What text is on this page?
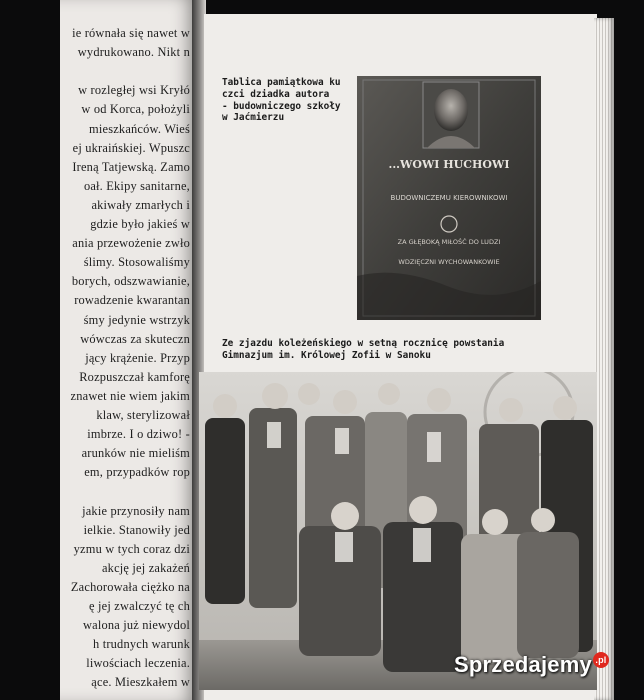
ie równała się nawet w
wydrukowano. Nikt n
w rozległej wsi Kryłó
w od Korca, położyli
mieszkańców. Wieś
ej ukraińskiej. Wpuszc
Ireną Tatjewską. Zamo
oał. Ekipy sanitarne,
akiwały zmarłych i
gdzie było jakieś w
ania przewożenie zwło
ślimy. Stosowaliśmy
borych, odszwawianie,
rowadzenie kwarantan
śmy jedynie wstrzyk
wówczas za skuteczn
jący krążenie. Przyp
Rozpuszczał kamforę
znawet nie wiem jakim
klaw, sterylizował
imbrze. I o dziwo! -
arunków nie mieliśm
em, przypadków rop
jakie przynosiły nam
ielkie. Stanowiły jed
yzmu w tych coraz dzi
akcję jej zakażeń
Zachorowała ciężko na
ę jej zwalczyć tę ch
walona już niewydol
h trudnych warunk
liwościach leczenia.
ące. Mieszkałem w
Tablica pamiątkowa ku
czci dziadka autora
- budowniczego szkoły
w Jaćmierzu
...WOWI HUCHOWI
BUDOWNICZEMU KIEROWNIKOWI
ZA GŁĘBOKĄ MIŁOŚĆ DO LUDZI
WDZIĘCZNI WYCHOWANKOWIE
Ze zjazdu koleżeńskiego w setną rocznicę powstania
Gimnazjum im. Królowej Zofii w Sanoku
Sprzedajemy .pl
